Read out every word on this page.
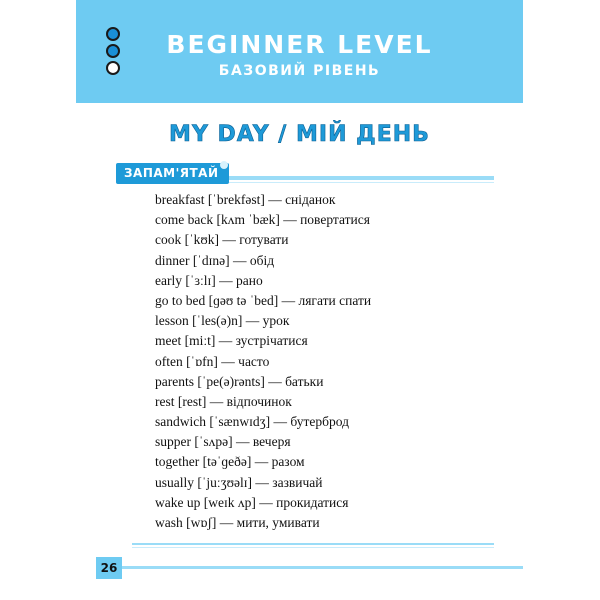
BEGINNER LEVEL
БАЗОВИЙ РІВЕНЬ
MY DAY / МІЙ ДЕНЬ
ЗАПАМ'ЯТАЙ
breakfast [ˈbrekfəst] — сніданок
come back [kʌm ˈbæk] — повертатися
cook [ˈkʊk] — готувати
dinner [ˈdɪnə] — обід
early [ˈɜːlɪ] — рано
go to bed [ɡəʊ tə ˈbed] — лягати спати
lesson [ˈles(ə)n] — урок
meet [miːt] — зустрічатися
often [ˈɒfn] — часто
parents [ˈpe(ə)rənts] — батьки
rest [rest] — відпочинок
sandwich [ˈsænwɪdʒ] — бутерброд
supper [ˈsʌpə] — вечеря
together [təˈɡeðə] — разом
usually [ˈjuːʒʊəlɪ] — зазвичай
wake up [weɪk ʌp] — прокидатися
wash [wɒʃ] — мити, умивати
26
